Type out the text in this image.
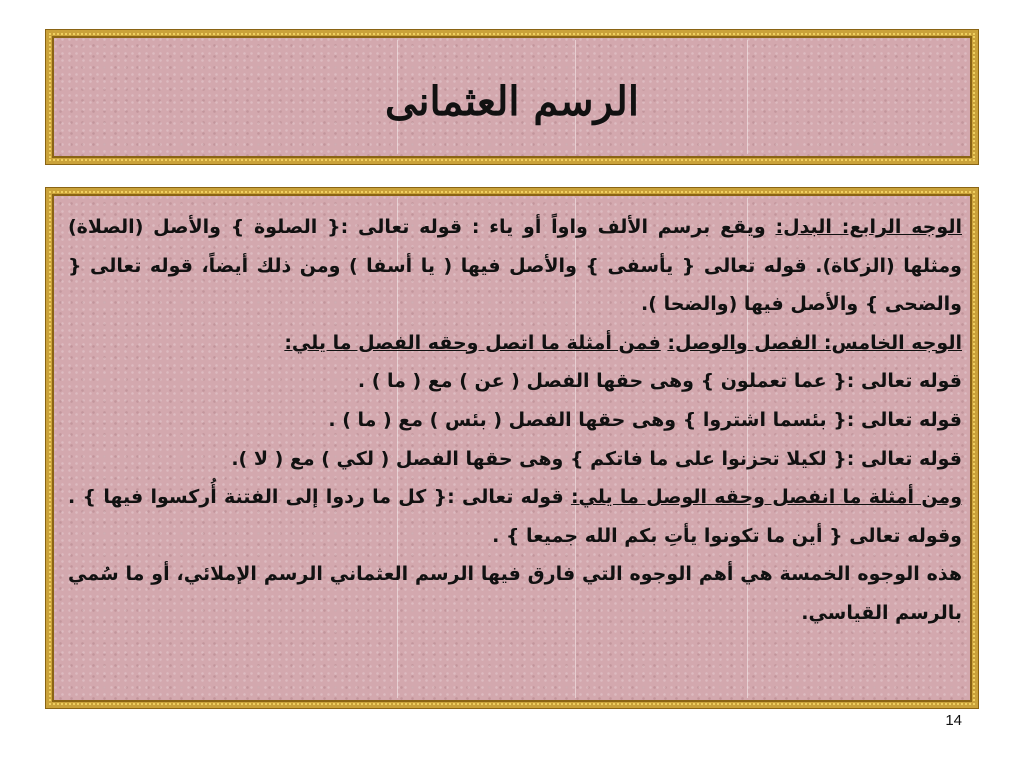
الرسم العثمانى

الوجه الرابع: البدل: ويقع برسم الألف واواً أو ياء : قوله تعالى :{ الصلوة } والأصل (الصلاة) ومثلها (الزكاة). قوله تعالى { يأسفى } والأصل فيها ( يا أسفا ) ومن ذلك أيضاً، قوله تعالى { والضحى } والأصل فيها (والضحا ).

الوجه الخامس: الفصل والوصل: فمن أمثلة ما اتصل وحقه الفصل ما يلي:

قوله تعالى :{ عما تعملون } وهى حقها الفصل ( عن ) مع ( ما ) .

قوله تعالى :{ بئسما اشتروا } وهى حقها الفصل ( بئس ) مع ( ما ) .

قوله تعالى :{ لكيلا تحزنوا على ما فاتكم } وهى حقها الفصل ( لكي ) مع ( لا ).

ومن أمثلة ما انفصل وحقه الوصل ما يلي: قوله تعالى :{ كل ما ردوا إلى الفتنة أُركسوا فيها } . وقوله تعالى { أين ما تكونوا يأتِ بكم الله جميعا } .

هذه الوجوه الخمسة هي أهم الوجوه التي فارق فيها الرسم العثماني الرسم الإملائي، أو ما سُمي بالرسم القياسي.

14
